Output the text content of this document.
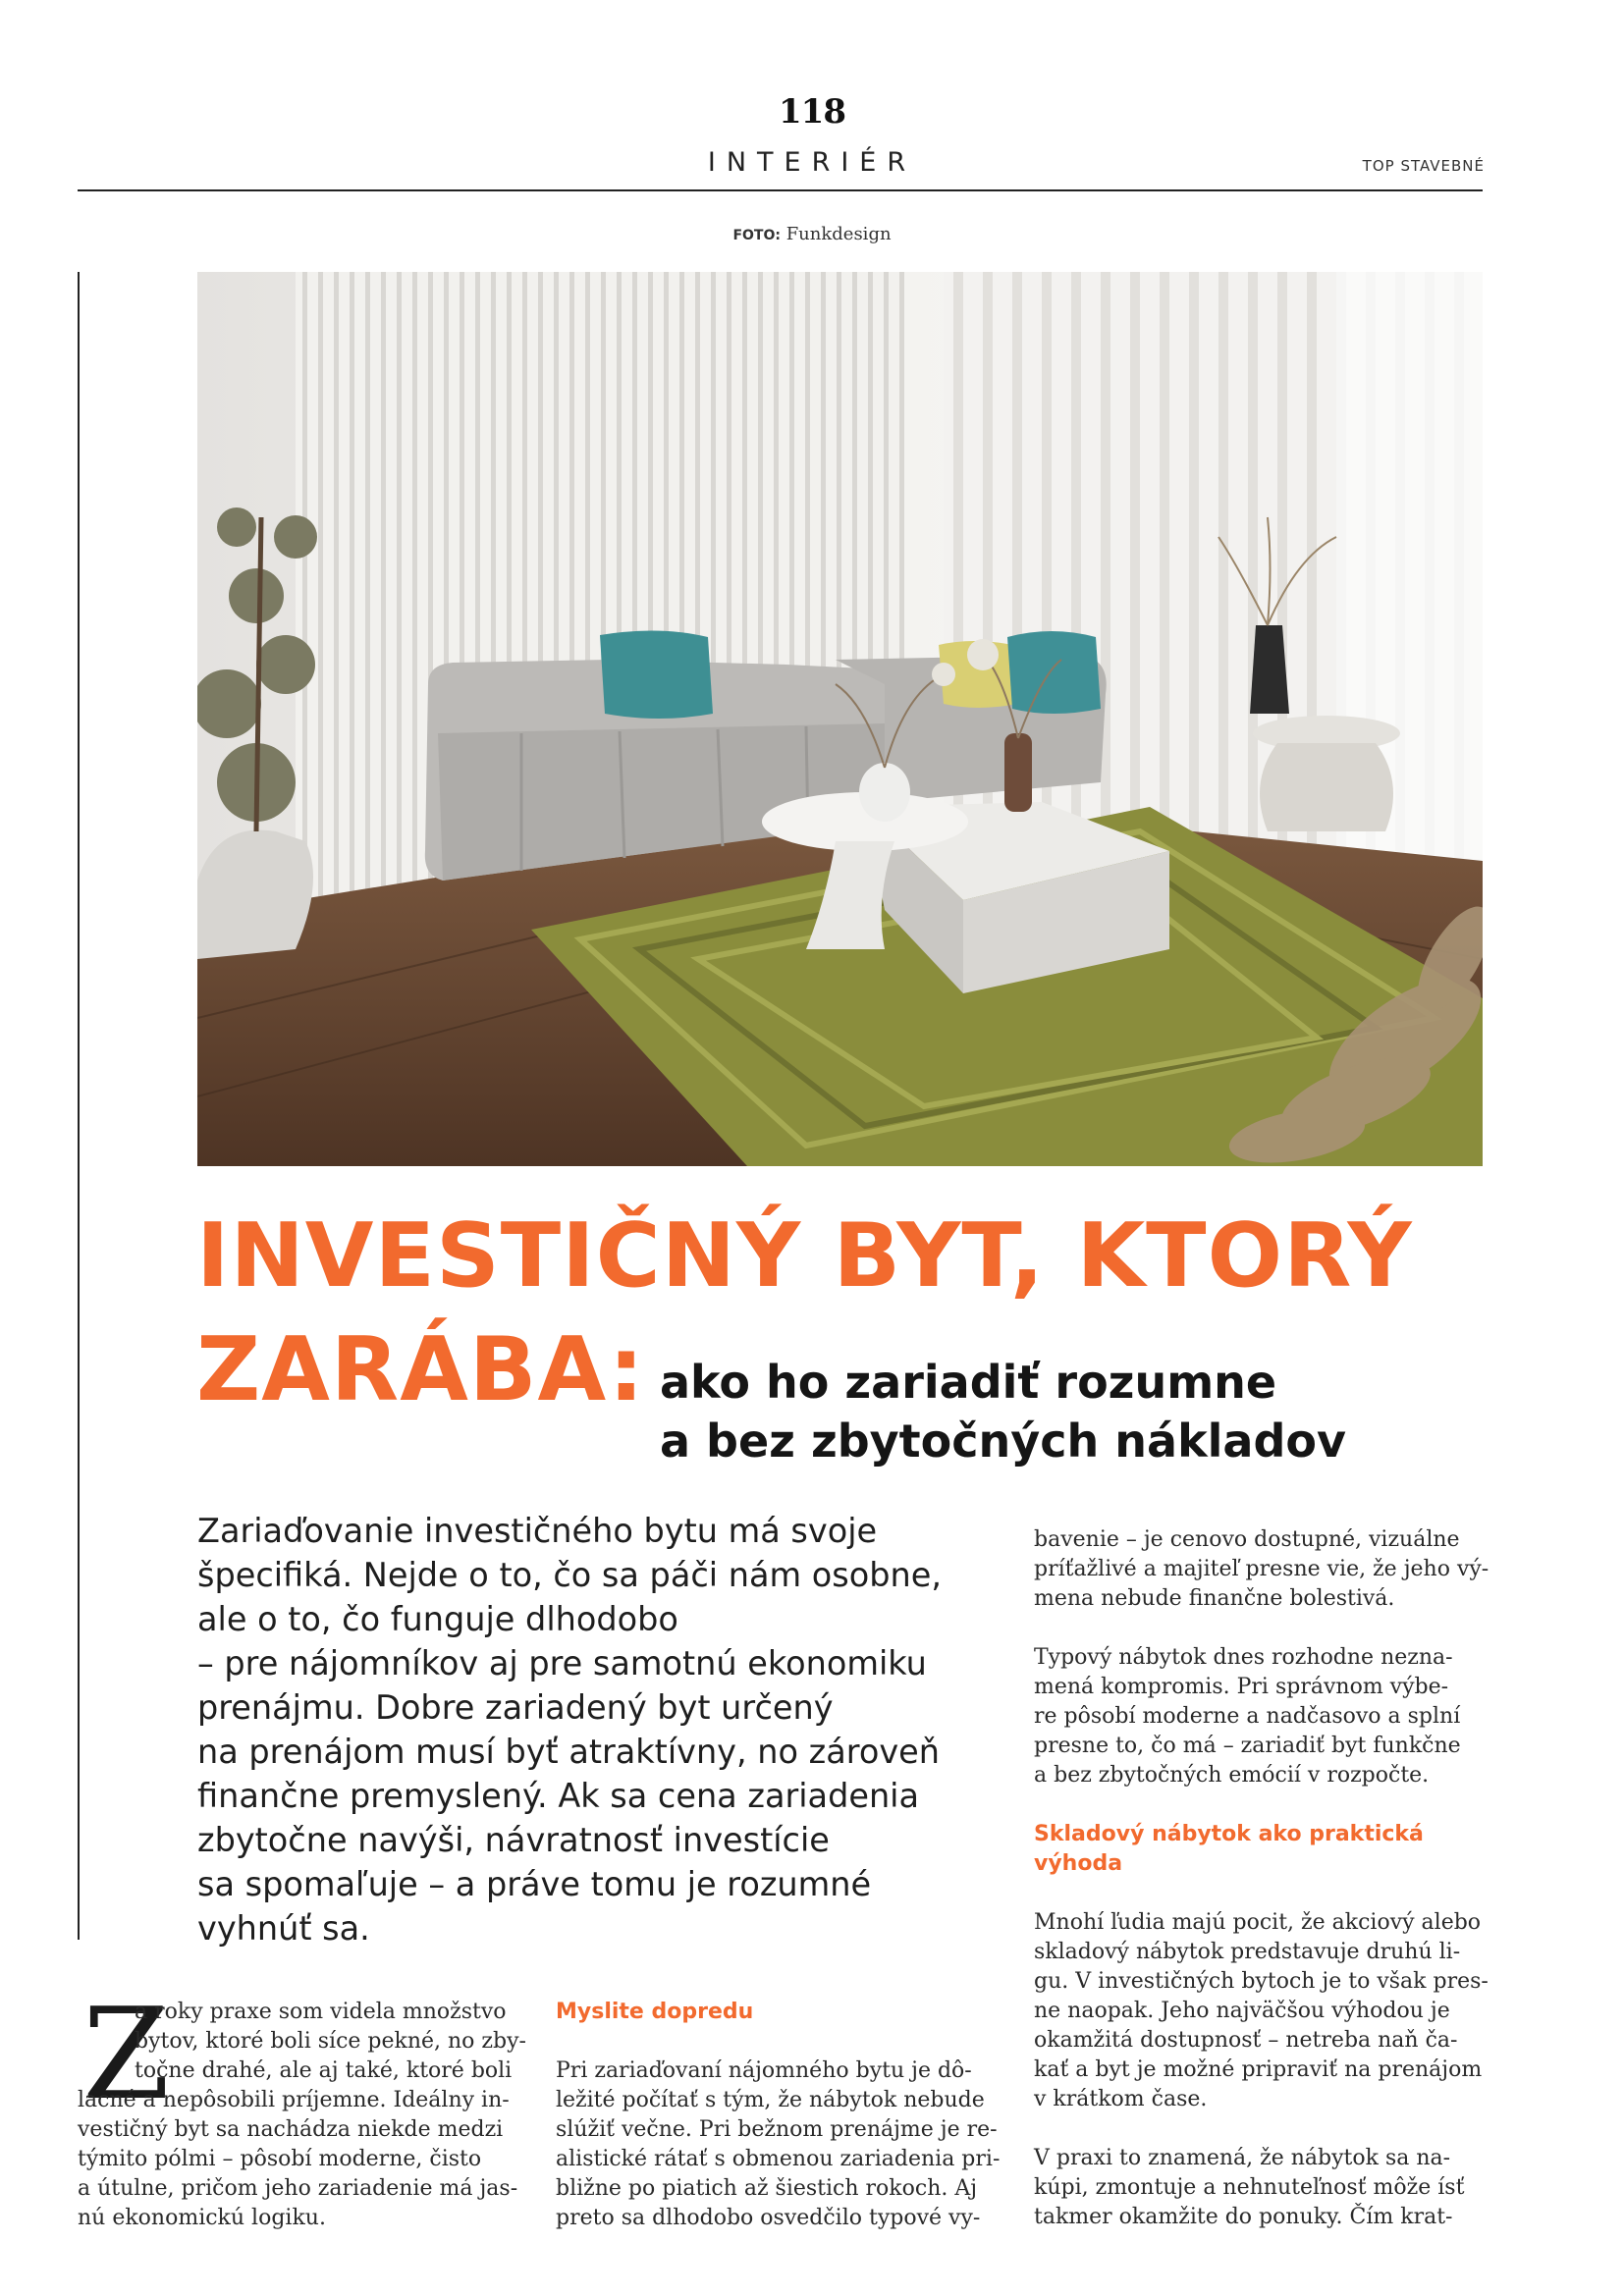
118
INTERIÉR	TOP STAVEBNÉ
FOTO: Funkdesign
INVESTIČNÝ BYT, KTORÝ
ZARÁBA: ako ho zariadiť rozumne
a bez zbytočných nákladov
Zariaďovanie investičného bytu má svoje
špecifiká. Nejde o to, čo sa páči nám osobne,
ale o to, čo funguje dlhodobo
– pre nájomníkov aj pre samotnú ekonomiku
prenájmu. Dobre zariadený byt určený
na prenájom musí byť atraktívny, no zároveň
finančne premyslený. Ak sa cena zariadenia
zbytočne navýši, návratnosť investície
sa spomaľuje – a práve tomu je rozumné
vyhnúť sa.
Z
a roky praxe som videla množstvo
bytov, ktoré boli síce pekné, no zby-
točne drahé, ale aj také, ktoré boli
lacné a nepôsobili príjemne. Ideálny in-
vestičný byt sa nachádza niekde medzi
týmito pólmi – pôsobí moderne, čisto
a útulne, pričom jeho zariadenie má jas-
nú ekonomickú logiku.
Myslite dopredu
Pri zariaďovaní nájomného bytu je dô-
ležité počítať s tým, že nábytok nebude
slúžiť večne. Pri bežnom prenájme je re-
alistické rátať s obmenou zariadenia pri-
bližne po piatich až šiestich rokoch. Aj
preto sa dlhodobo osvedčilo typové vy-
bavenie – je cenovo dostupné, vizuálne
príťažlivé a majiteľ presne vie, že jeho vý-
mena nebude finančne bolestivá.
Typový nábytok dnes rozhodne nezna-
mená kompromis. Pri správnom výbe-
re pôsobí moderne a nadčasovo a splní
presne to, čo má – zariadiť byt funkčne
a bez zbytočných emócií v rozpočte.
Skladový nábytok ako praktická
výhoda
Mnohí ľudia majú pocit, že akciový alebo
skladový nábytok predstavuje druhú li-
gu. V investičných bytoch je to však pres-
ne naopak. Jeho najväčšou výhodou je
okamžitá dostupnosť – netreba naň ča-
kať a byt je možné pripraviť na prenájom
v krátkom čase.
V praxi to znamená, že nábytok sa na-
kúpi, zmontuje a nehnuteľnosť môže ísť
takmer okamžite do ponuky. Čím krat-
